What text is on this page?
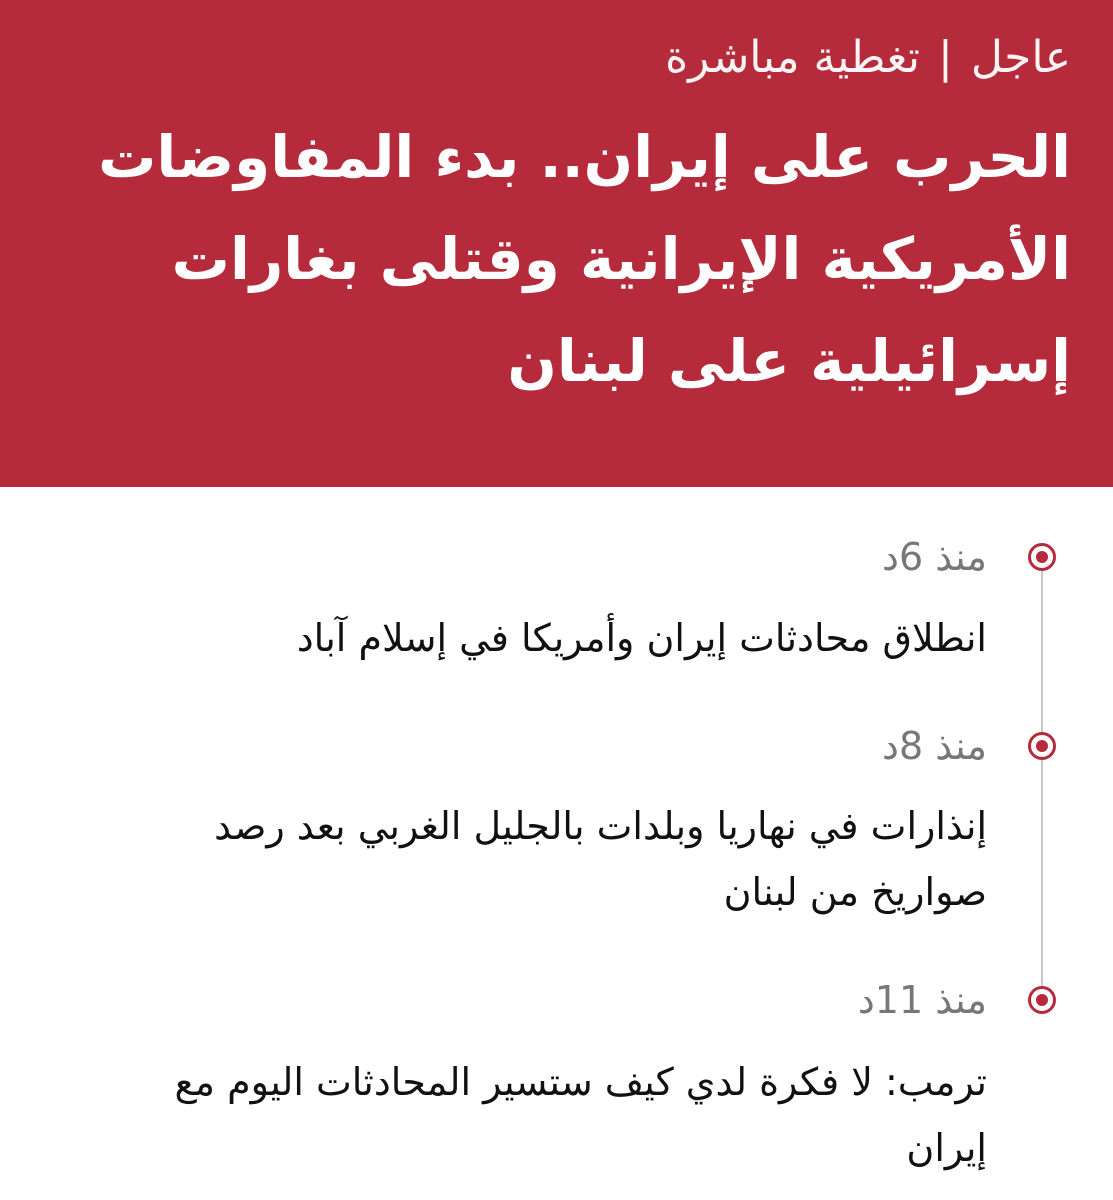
عاجل|تغطية مباشرة
الحرب على إيران.. بدء المفاوضات الأمريكية الإيرانية وقتلى بغارات إسرائيلية على لبنان
منذ 6د
انطلاق محادثات إيران وأمريكا في إسلام آباد
منذ 8د
إنذارات في نهاريا وبلدات بالجليل الغربي بعد رصد صواريخ من لبنان
منذ 11د
ترمب: لا فكرة لدي كيف ستسير المحادثات اليوم مع إيران
